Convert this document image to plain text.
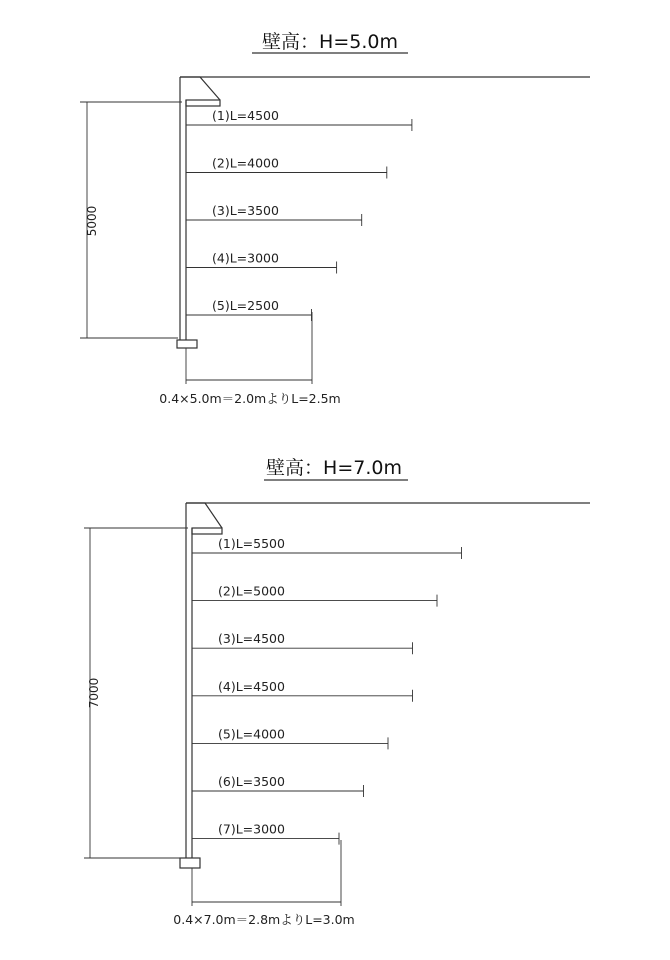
壁高：H=5.0m
5000
(1)L=4500
(2)L=4000
(3)L=3500
(4)L=3000
(5)L=2500
0.4×5.0m＝2.0mよりL=2.5m
壁高：H=7.0m
7000
(1)L=5500
(2)L=5000
(3)L=4500
(4)L=4500
(5)L=4000
(6)L=3500
(7)L=3000
0.4×7.0m＝2.8mよりL=3.0m
